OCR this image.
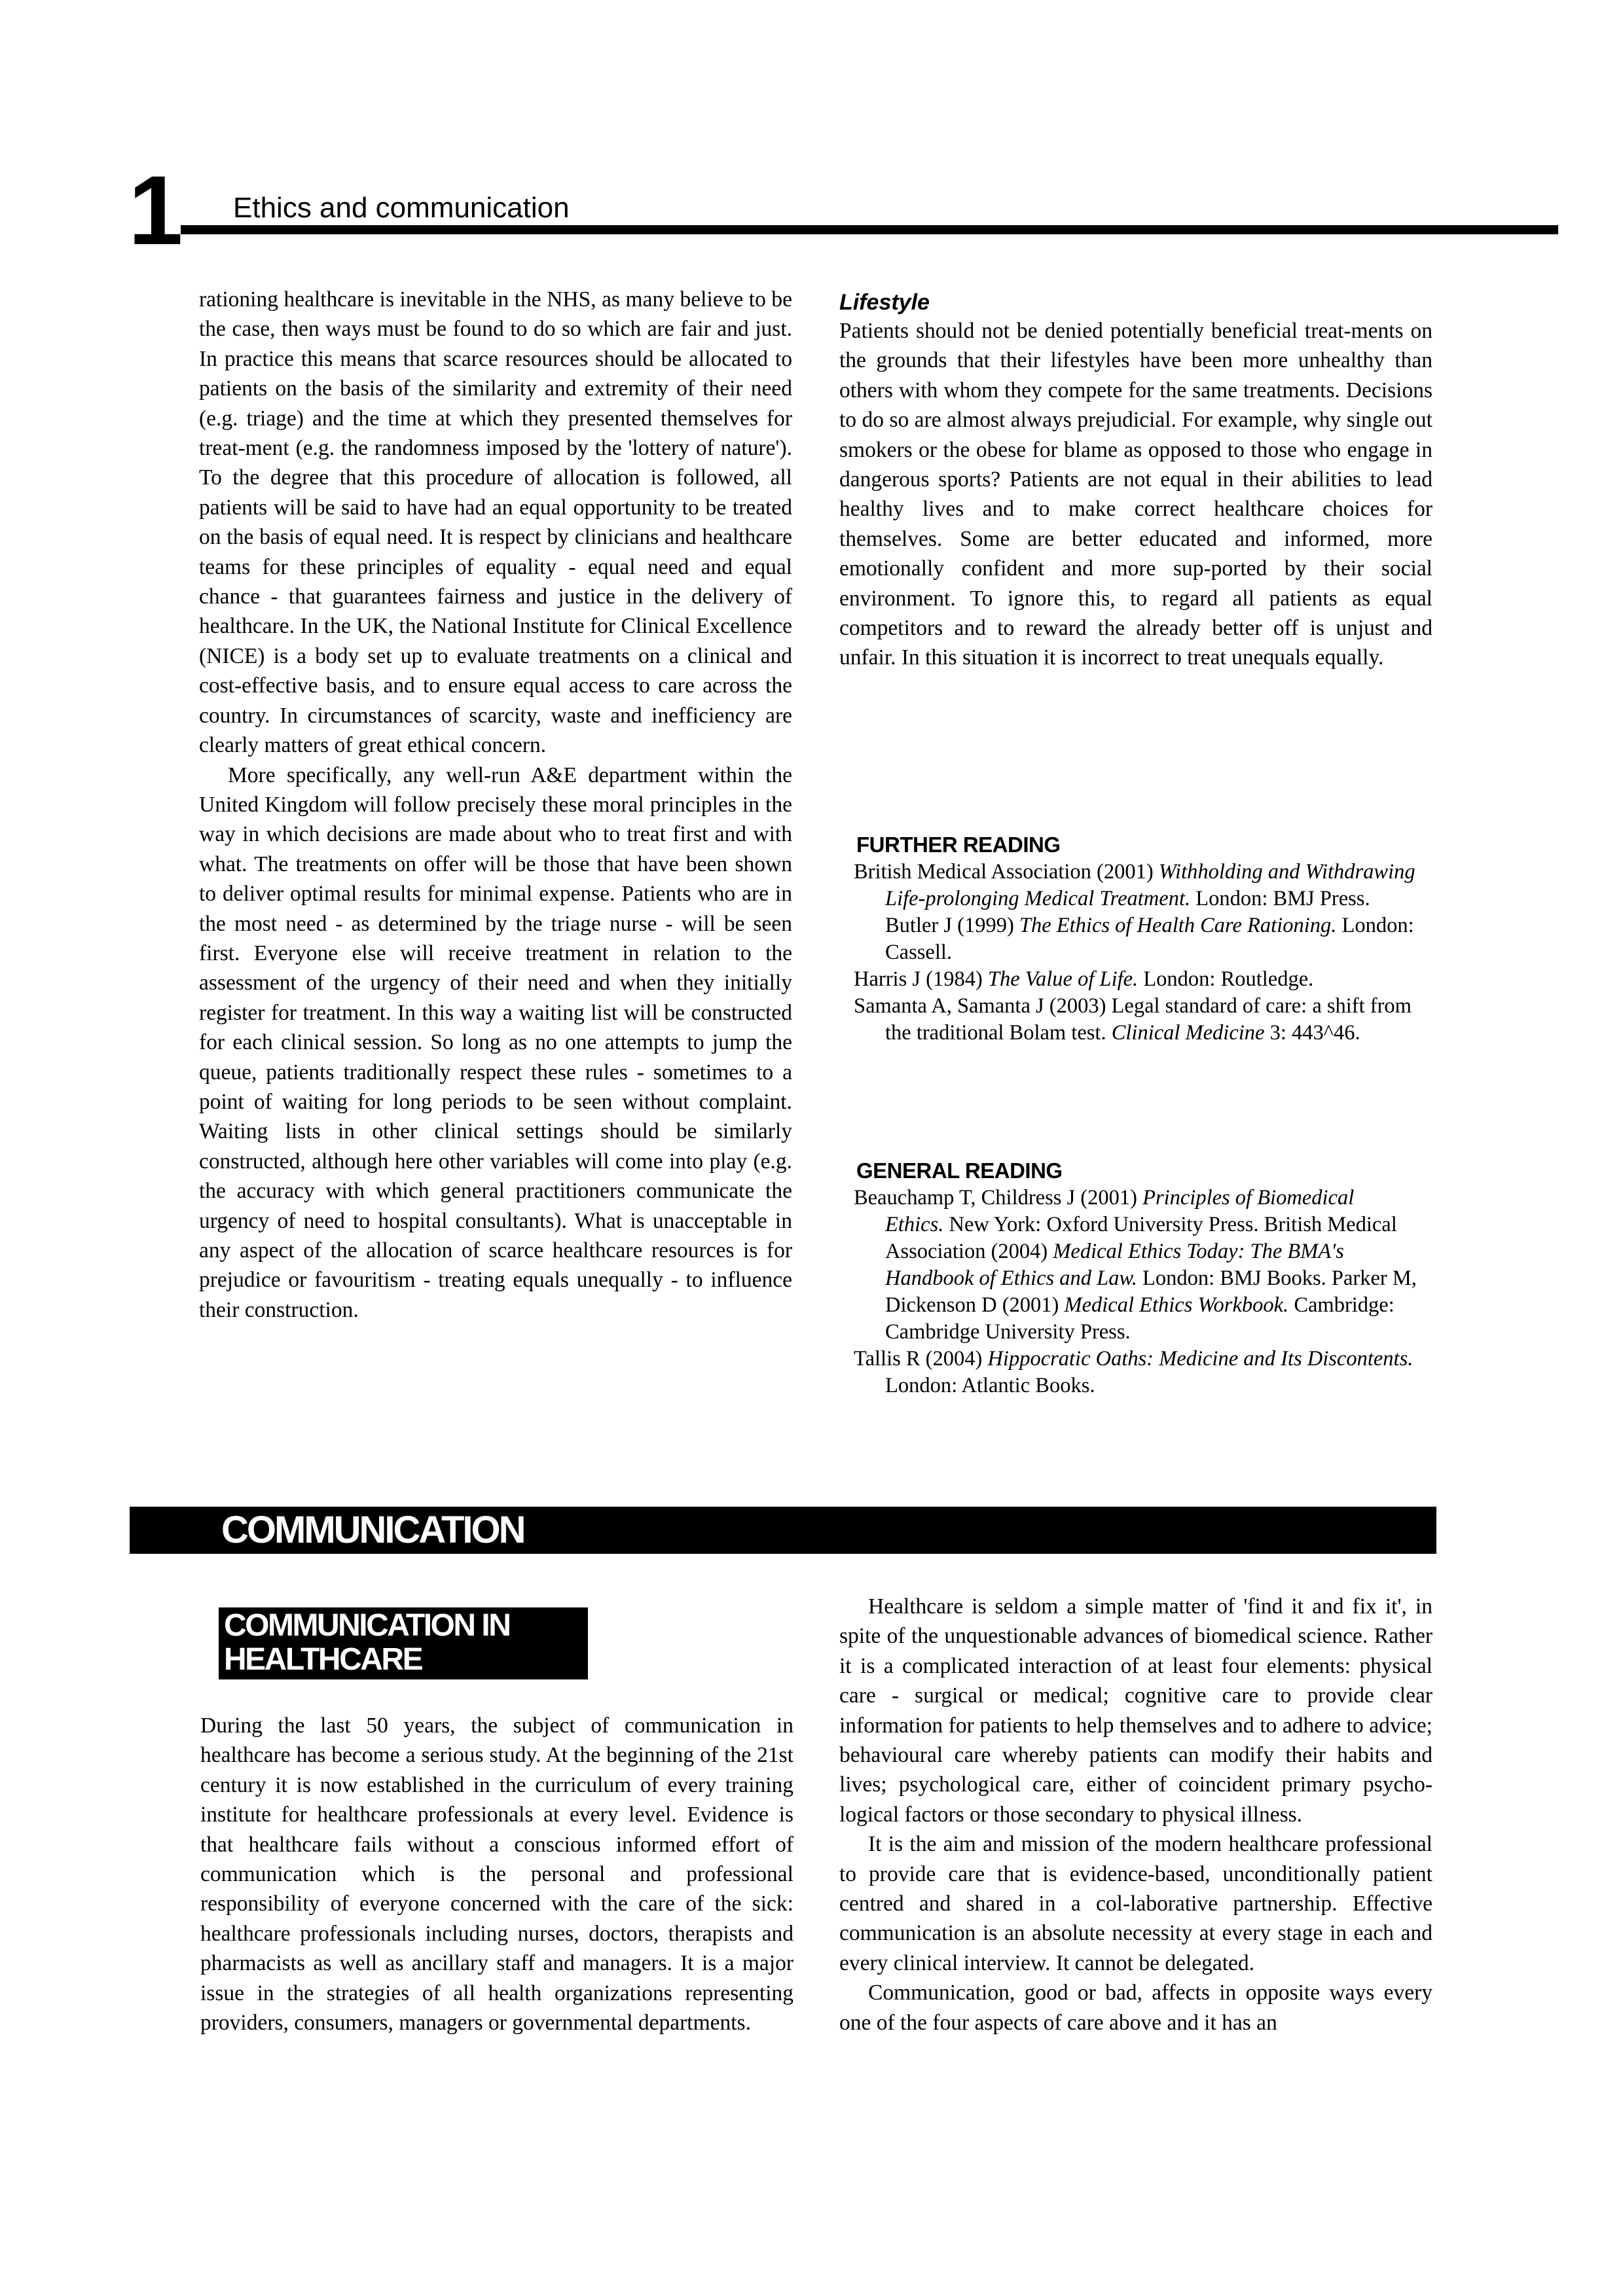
1 Ethics and communication

rationing healthcare is inevitable in the NHS, as many believe to be the case, then ways must be found to do so which are fair and just. In practice this means that scarce resources should be allocated to patients on the basis of the similarity and extremity of their need (e.g. triage) and the time at which they presented themselves for treat-ment (e.g. the randomness imposed by the 'lottery of nature'). To the degree that this procedure of allocation is followed, all patients will be said to have had an equal opportunity to be treated on the basis of equal need. It is respect by clinicians and healthcare teams for these principles of equality - equal need and equal chance - that guarantees fairness and justice in the delivery of healthcare. In the UK, the National Institute for Clinical Excellence (NICE) is a body set up to evaluate treatments on a clinical and cost-effective basis, and to ensure equal access to care across the country. In circumstances of scarcity, waste and inefficiency are clearly matters of great ethical concern.

More specifically, any well-run A&E department within the United Kingdom will follow precisely these moral principles in the way in which decisions are made about who to treat first and with what. The treatments on offer will be those that have been shown to deliver optimal results for minimal expense. Patients who are in the most need - as determined by the triage nurse - will be seen first. Everyone else will receive treatment in relation to the assessment of the urgency of their need and when they initially register for treatment. In this way a waiting list will be constructed for each clinical session. So long as no one attempts to jump the queue, patients traditionally respect these rules - sometimes to a point of waiting for long periods to be seen without complaint. Waiting lists in other clinical settings should be similarly constructed, although here other variables will come into play (e.g. the accuracy with which general practitioners communicate the urgency of need to hospital consultants). What is unacceptable in any aspect of the allocation of scarce healthcare resources is for prejudice or favouritism - treating equals unequally - to influence their construction.

Lifestyle

Patients should not be denied potentially beneficial treat-ments on the grounds that their lifestyles have been more unhealthy than others with whom they compete for the same treatments. Decisions to do so are almost always prejudicial. For example, why single out smokers or the obese for blame as opposed to those who engage in dangerous sports? Patients are not equal in their abilities to lead healthy lives and to make correct healthcare choices for themselves. Some are better educated and informed, more emotionally confident and more sup-ported by their social environment. To ignore this, to regard all patients as equal competitors and to reward the already better off is unjust and unfair. In this situation it is incorrect to treat unequals equally.

FURTHER READING

British Medical Association (2001) Withholding and Withdrawing Life-prolonging Medical Treatment. London: BMJ Press. Butler J (1999) The Ethics of Health Care Rationing. London: Cassell.

Harris J (1984) The Value of Life. London: Routledge.

Samanta A, Samanta J (2003) Legal standard of care: a shift from the traditional Bolam test. Clinical Medicine 3: 443^46.

GENERAL READING

Beauchamp T, Childress J (2001) Principles of Biomedical Ethics. New York: Oxford University Press. British Medical Association (2004) Medical Ethics Today: The BMA's Handbook of Ethics and Law. London: BMJ Books. Parker M, Dickenson D (2001) Medical Ethics Workbook. Cambridge: Cambridge University Press.

Tallis R (2004) Hippocratic Oaths: Medicine and Its Discontents. London: Atlantic Books.

COMMUNICATION
COMMUNICATION IN HEALTHCARE

During the last 50 years, the subject of communication in healthcare has become a serious study. At the beginning of the 21st century it is now established in the curriculum of every training institute for healthcare professionals at every level. Evidence is that healthcare fails without a conscious informed effort of communication which is the personal and professional responsibility of everyone concerned with the care of the sick: healthcare professionals including nurses, doctors, therapists and pharmacists as well as ancillary staff and managers. It is a major issue in the strategies of all health organizations representing providers, consumers, managers or governmental departments.

Healthcare is seldom a simple matter of 'find it and fix it', in spite of the unquestionable advances of biomedical science. Rather it is a complicated interaction of at least four elements: physical care - surgical or medical; cognitive care to provide clear information for patients to help themselves and to adhere to advice; behavioural care whereby patients can modify their habits and lives; psychological care, either of coincident primary psycho-logical factors or those secondary to physical illness.

It is the aim and mission of the modern healthcare professional to provide care that is evidence-based, unconditionally patient centred and shared in a col-laborative partnership. Effective communication is an absolute necessity at every stage in each and every clinical interview. It cannot be delegated.

Communication, good or bad, affects in opposite ways every one of the four aspects of care above and it has an
